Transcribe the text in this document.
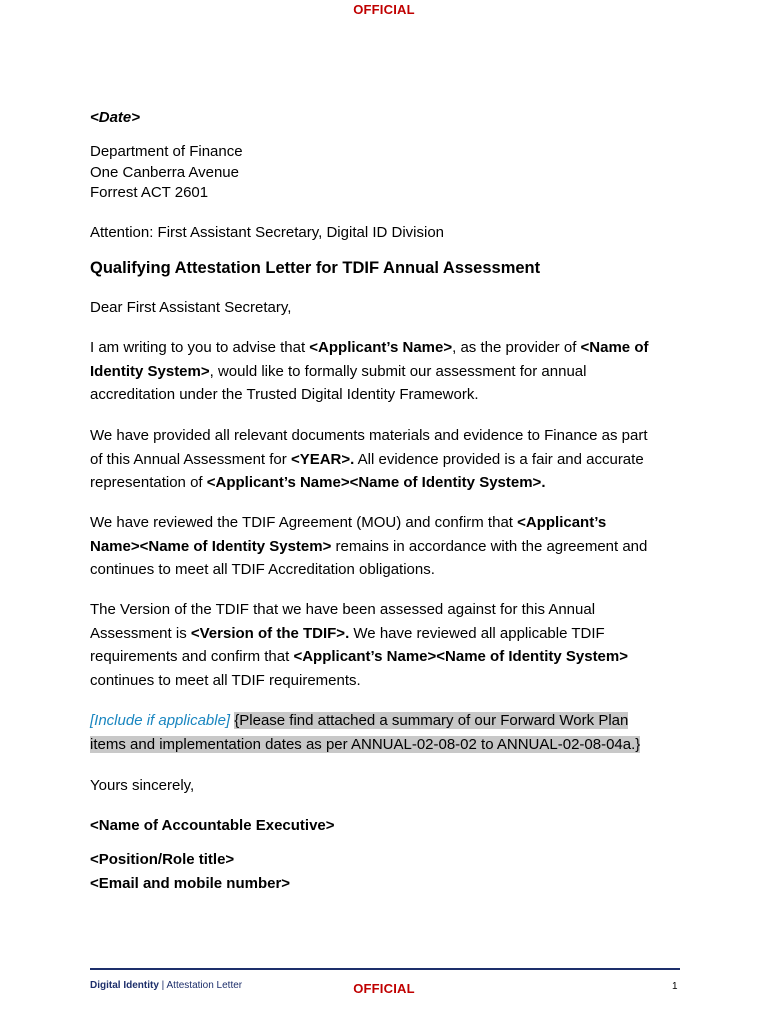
OFFICIAL
<Date>
Department of Finance
One Canberra Avenue
Forrest ACT 2601
Attention: First Assistant Secretary, Digital ID Division
Qualifying Attestation Letter for TDIF Annual Assessment
Dear First Assistant Secretary,
I am writing to you to advise that <Applicant’s Name>, as the provider of <Name of
Identity System>, would like to formally submit our assessment for annual
accreditation under the Trusted Digital Identity Framework.
We have provided all relevant documents materials and evidence to Finance as part
of this Annual Assessment for <YEAR>. All evidence provided is a fair and accurate
representation of <Applicant’s Name><Name of Identity System>.
We have reviewed the TDIF Agreement (MOU) and confirm that <Applicant’s
Name><Name of Identity System> remains in accordance with the agreement and
continues to meet all TDIF Accreditation obligations.
The Version of the TDIF that we have been assessed against for this Annual
Assessment is <Version of the TDIF>. We have reviewed all applicable TDIF
requirements and confirm that <Applicant’s Name><Name of Identity System>
continues to meet all TDIF requirements.
[Include if applicable] {Please find attached a summary of our Forward Work Plan
items and implementation dates as per ANNUAL-02-08-02 to ANNUAL-02-08-04a.}
Yours sincerely,
<Name of Accountable Executive>
<Position/Role title>
<Email and mobile number>
Digital Identity | Attestation Letter	OFFICIAL	1
